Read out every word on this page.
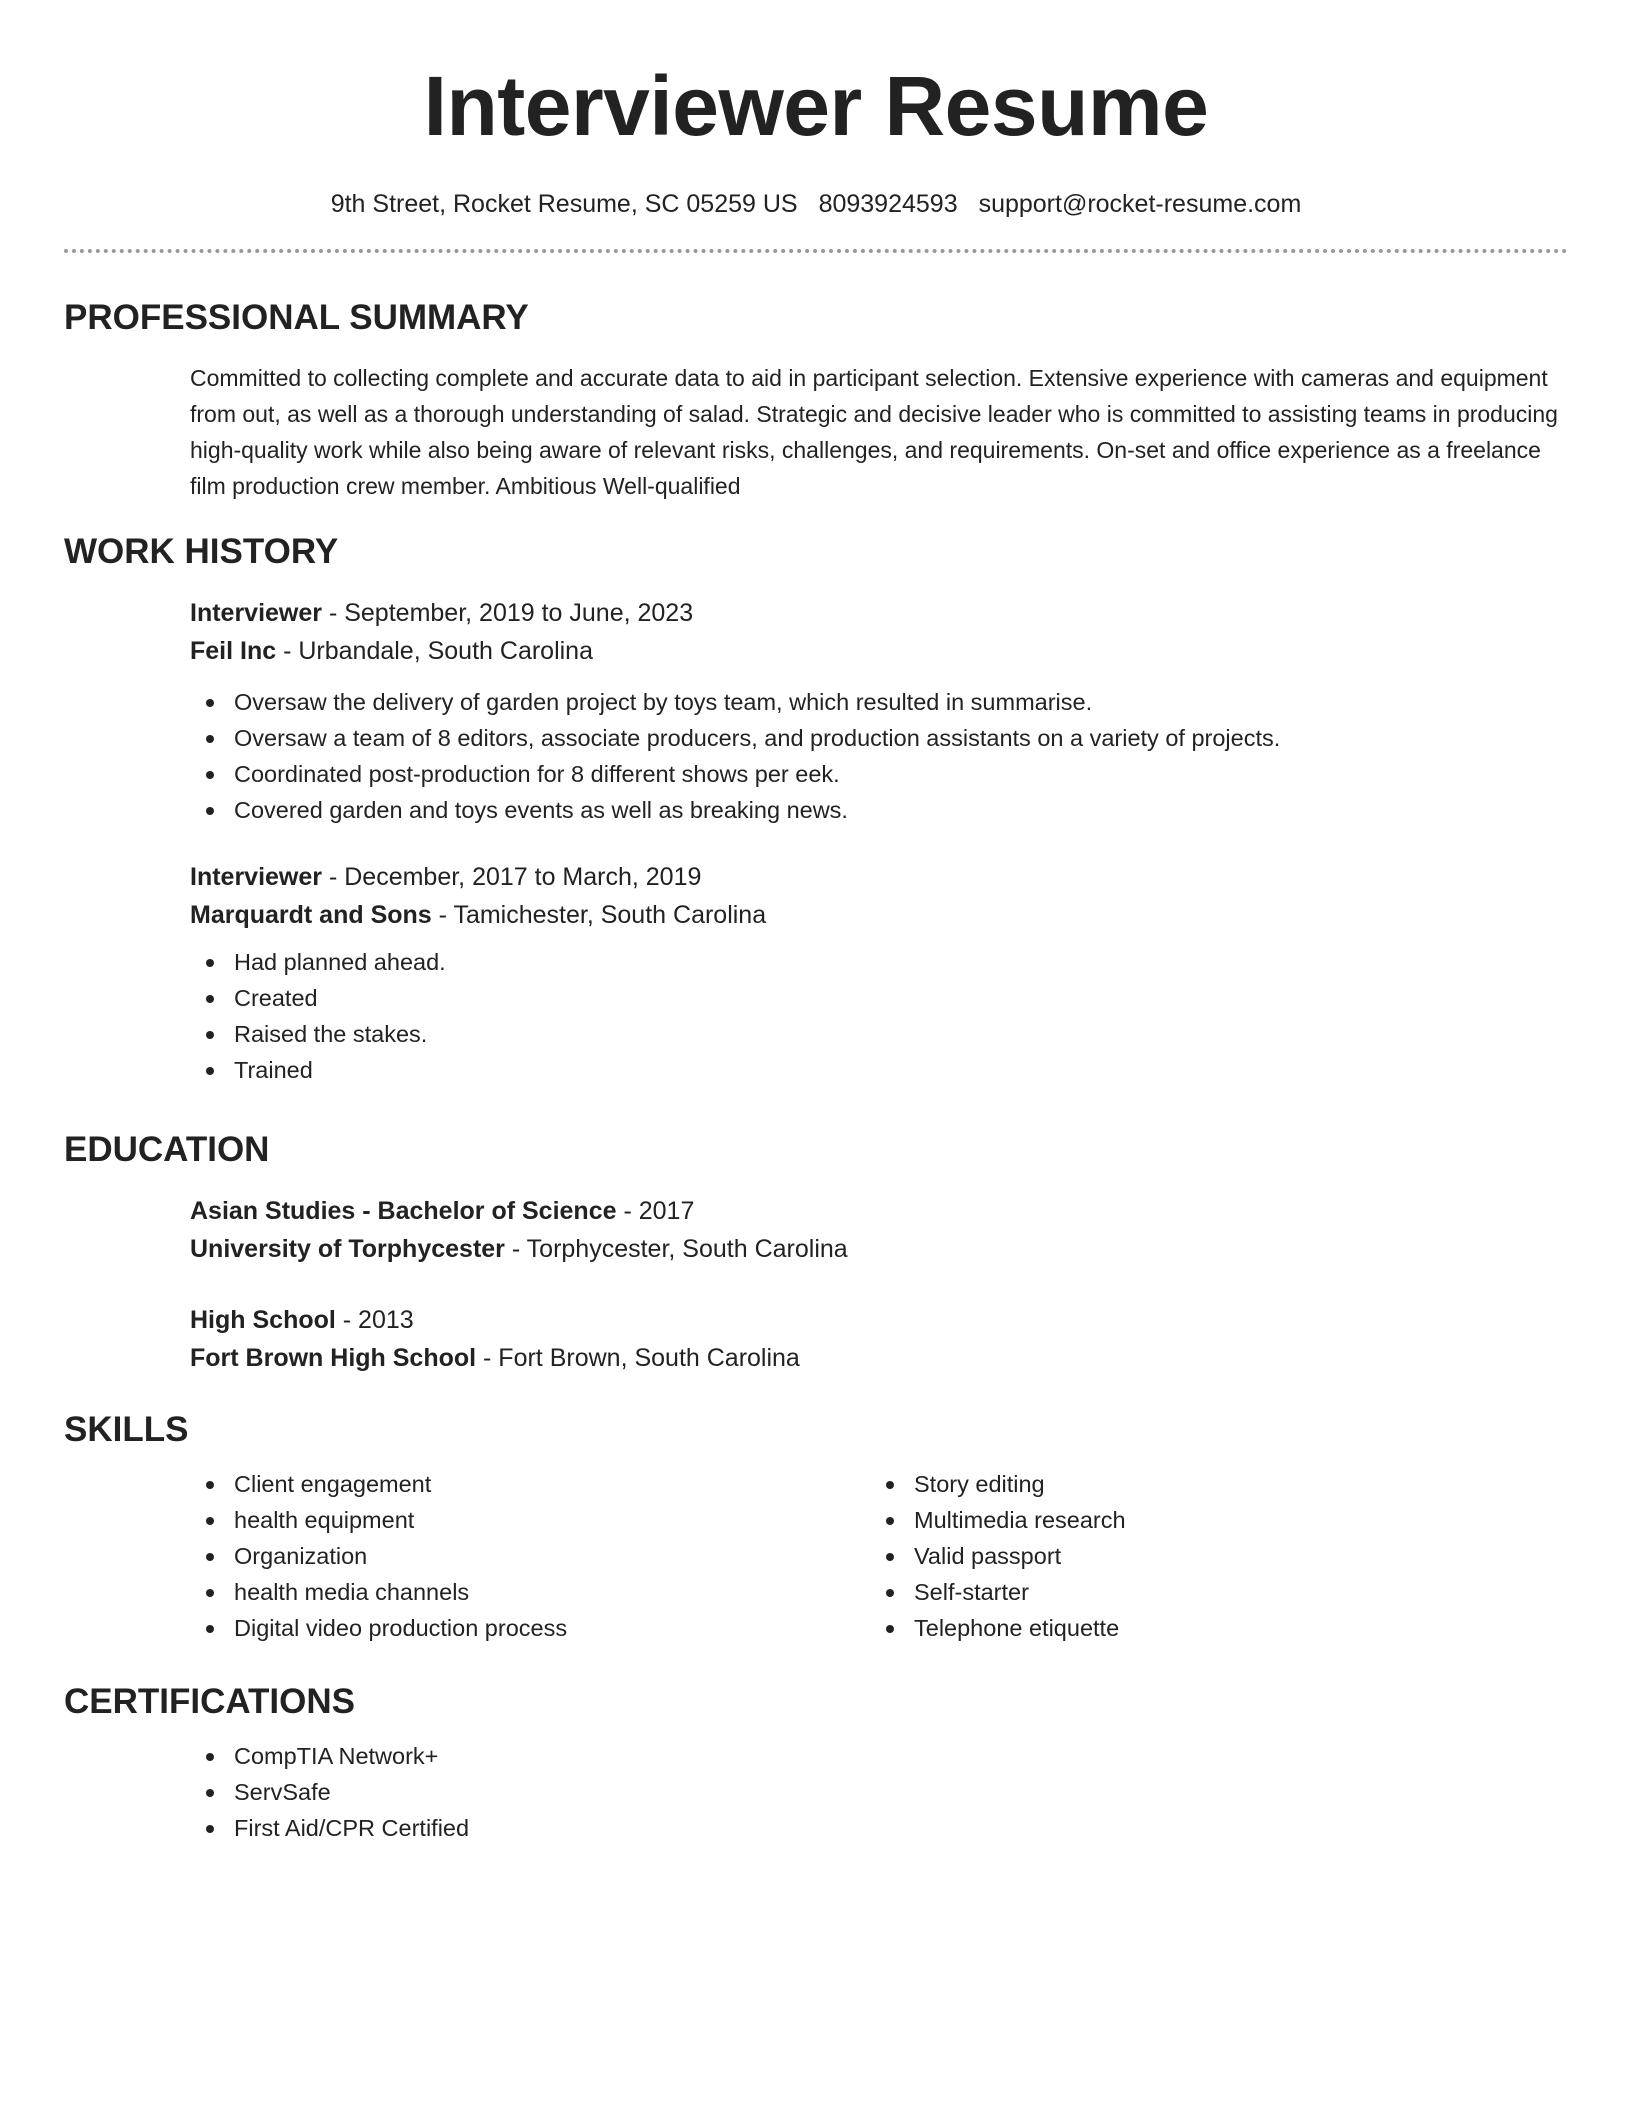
Interviewer Resume
9th Street, Rocket Resume, SC 05259 US 8093924593 support@rocket-resume.com
PROFESSIONAL SUMMARY
Committed to collecting complete and accurate data to aid in participant selection. Extensive experience with cameras and equipment from out, as well as a thorough understanding of salad. Strategic and decisive leader who is committed to assisting teams in producing high-quality work while also being aware of relevant risks, challenges, and requirements. On-set and office experience as a freelance film production crew member. Ambitious Well-qualified
WORK HISTORY
Interviewer - September, 2019 to June, 2023
Feil Inc - Urbandale, South Carolina
Oversaw the delivery of garden project by toys team, which resulted in summarise.
Oversaw a team of 8 editors, associate producers, and production assistants on a variety of projects.
Coordinated post-production for 8 different shows per eek.
Covered garden and toys events as well as breaking news.
Interviewer - December, 2017 to March, 2019
Marquardt and Sons - Tamichester, South Carolina
Had planned ahead.
Created
Raised the stakes.
Trained
EDUCATION
Asian Studies - Bachelor of Science - 2017
University of Torphycester - Torphycester, South Carolina
High School - 2013
Fort Brown High School - Fort Brown, South Carolina
SKILLS
Client engagement
health equipment
Organization
health media channels
Digital video production process
Story editing
Multimedia research
Valid passport
Self-starter
Telephone etiquette
CERTIFICATIONS
CompTIA Network+
ServSafe
First Aid/CPR Certified
